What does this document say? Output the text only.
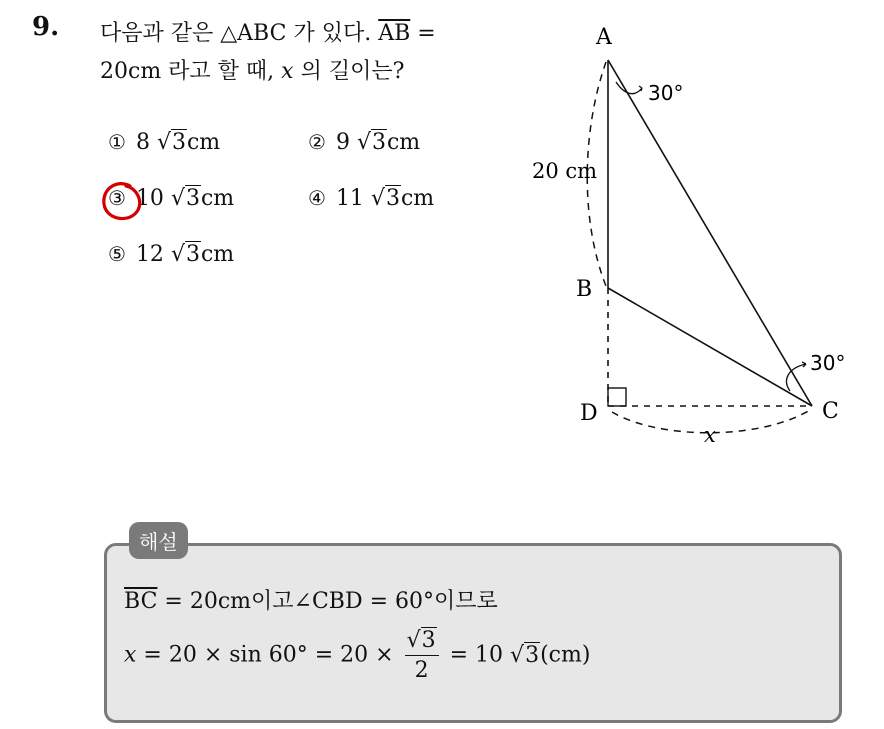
9. 다음과 같은 △ABC 가 있다. $\overline{AB}$ =
20cm 라고 할 때, x 의 길이는?
① 8 √3cm	② 9 √3cm
③ 10 √3cm	④ 11 √3cm
⑤ 12 √3cm
A
B
C
D
30°
30°
20 cm
x
해설
$\overline{BC} = 20cm$이고∠CBD = 60°이므로
$x = 20 \times \sin 60^\circ = 20 \times \frac{√3}{2} = 10$ √3(cm)
